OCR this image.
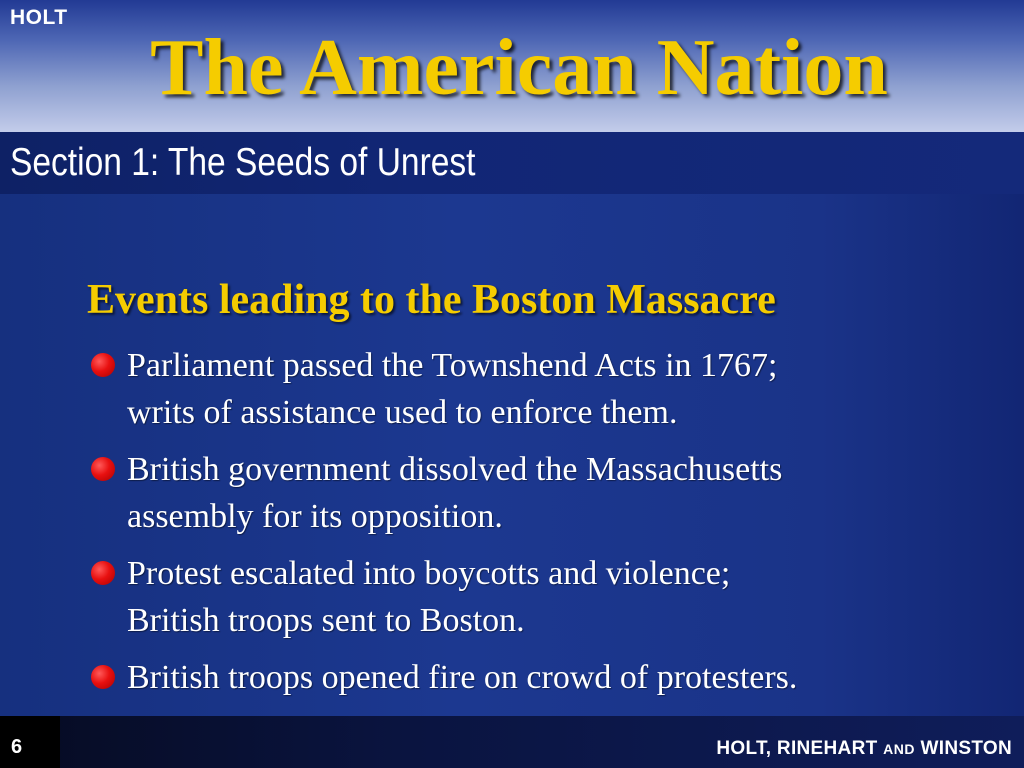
HOLT
The American Nation
Section 1: The Seeds of Unrest
Events leading to the Boston Massacre
Parliament passed the Townshend Acts in 1767;
writs of assistance used to enforce them.
British government dissolved the Massachusetts
assembly for its opposition.
Protest escalated into boycotts and violence;
British troops sent to Boston.
British troops opened fire on crowd of protesters.
6	HOLT, RINEHART AND WINSTON
